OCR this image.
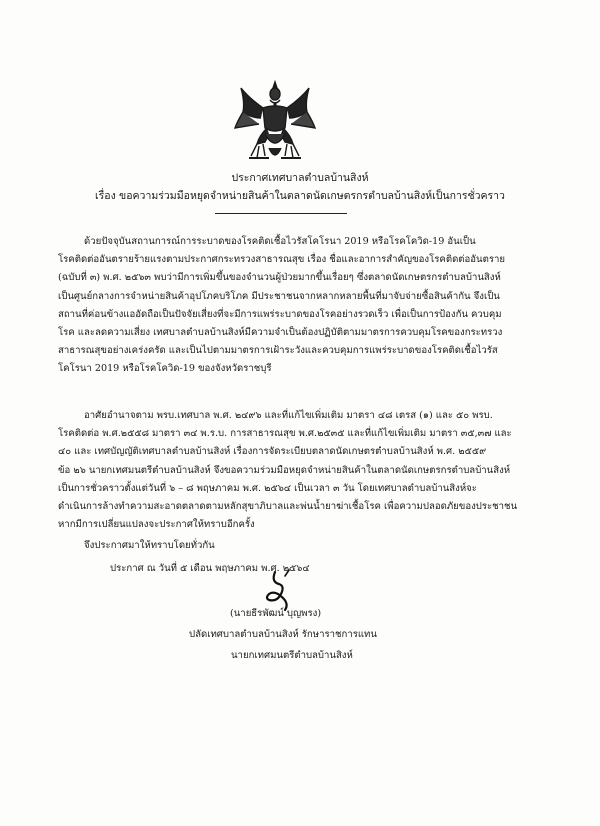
ประกาศเทศบาลตำบลบ้านสิงห์
เรื่อง ขอความร่วมมือหยุดจำหน่ายสินค้าในตลาดนัดเกษตรกรตำบลบ้านสิงห์เป็นการชั่วคราว
ด้วยปัจจุบันสถานการณ์การระบาดของโรคติดเชื้อไวรัสโคโรนา 2019 หรือโรคโควิด-19 อันเป็น
โรคติดต่ออันตรายร้ายแรงตามประกาศกระทรวงสาธารณสุข เรื่อง ชื่อและอาการสำคัญของโรคติดต่ออันตราย
(ฉบับที่ ๓) พ.ศ. ๒๕๖๓ พบว่ามีการเพิ่มขึ้นของจำนวนผู้ป่วยมากขึ้นเรื่อยๆ ซึ่งตลาดนัดเกษตรกรตำบลบ้านสิงห์
เป็นศูนย์กลางการจำหน่ายสินค้าอุปโภคบริโภค มีประชาชนจากหลากหลายพื้นที่มาจับจ่ายซื้อสินค้ากัน จึงเป็น
สถานที่ค่อนข้างแออัดถือเป็นปัจจัยเสี่ยงที่จะมีการแพร่ระบาดของโรคอย่างรวดเร็ว เพื่อเป็นการป้องกัน ควบคุม
โรค และลดความเสี่ยง เทศบาลตำบลบ้านสิงห์มีความจำเป็นต้องปฏิบัติตามมาตรการควบคุมโรคของกระทรวง
สาธารณสุขอย่างเคร่งครัด และเป็นไปตามมาตรการเฝ้าระวังและควบคุมการแพร่ระบาดของโรคติดเชื้อไวรัส
โคโรนา 2019 หรือโรคโควิด-19 ของจังหวัดราชบุรี
อาศัยอำนาจตาม พรบ.เทศบาล พ.ศ. ๒๔๙๖ และที่แก้ไขเพิ่มเติม มาตรา ๔๘ เตรส (๑) และ ๕๐ พรบ.
โรคติดต่อ พ.ศ.๒๕๕๘ มาตรา ๓๔ พ.ร.บ. การสาธารณสุข พ.ศ.๒๕๓๕ และที่แก้ไขเพิ่มเติม มาตรา ๓๕,๓๗ และ
๔๐ และ เทศบัญญัติเทศบาลตำบลบ้านสิงห์ เรื่องการจัดระเบียบตลาดนัดเกษตรตำบลบ้านสิงห์ พ.ศ. ๒๕๕๙
ข้อ ๒๖ นายกเทศมนตรีตำบลบ้านสิงห์ จึงขอความร่วมมือหยุดจำหน่ายสินค้าในตลาดนัดเกษตรกรตำบลบ้านสิงห์
เป็นการชั่วคราวตั้งแต่วันที่ ๖ – ๘ พฤษภาคม พ.ศ. ๒๕๖๔ เป็นเวลา ๓ วัน โดยเทศบาลตำบลบ้านสิงห์จะ
ดำเนินการล้างทำความสะอาดตลาดตามหลักสุขาภิบาลและพ่นน้ำยาฆ่าเชื้อโรค เพื่อความปลอดภัยของประชาชน
หากมีการเปลี่ยนแปลงจะประกาศให้ทราบอีกครั้ง
จึงประกาศมาให้ทราบโดยทั่วกัน
ประกาศ ณ วันที่ ๕ เดือน พฤษภาคม พ.ศ. ๒๕๖๔
(นายธีรพัฒน์ บุญพรง)
ปลัดเทศบาลตำบลบ้านสิงห์ รักษาราชการแทน
นายกเทศมนตรีตำบลบ้านสิงห์
